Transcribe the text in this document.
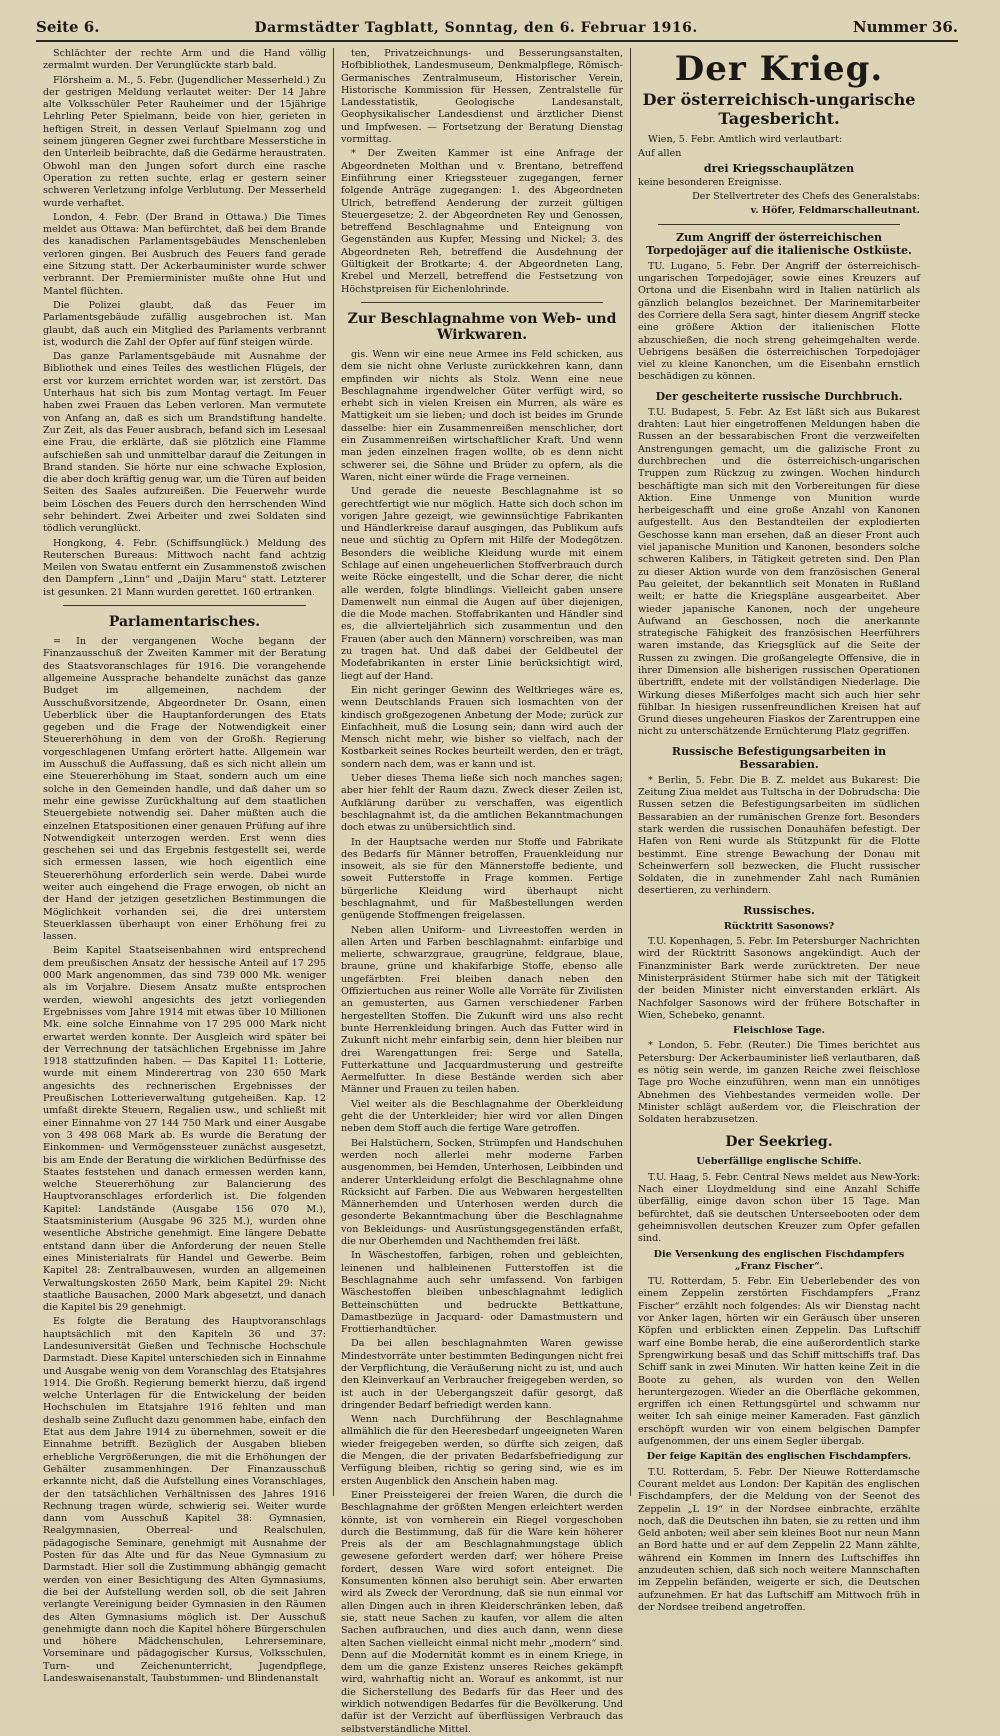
Seite 6.	Darmstädter Tagblatt, Sonntag, den 6. Februar 1916.	Nummer 36.

Schlächter der rechte Arm und die Hand völlig zermalmt wurden. Der Verunglückte starb bald.

Flörsheim a. M., 5. Febr. (Jugendlicher Messerheld.) Zu der gestrigen Meldung verlautet weiter: Der 14 Jahre alte Volksschüler Peter Rauheimer und der 15jährige Lehrling Peter Spielmann, beide von hier, gerieten in heftigen Streit, in dessen Verlauf Spielmann zog und seinem jüngeren Gegner zwei furchtbare Messerstiche in den Unterleib beibrachte, daß die Gedärme heraustraten. Obwohl man den Jungen sofort durch eine rasche Operation zu retten suchte, erlag er gestern seiner schweren Verletzung infolge Verblutung. Der Messerheld wurde verhaftet.

London, 4. Febr. (Der Brand in Ottawa.) Die Times meldet aus Ottawa: Man befürchtet, daß bei dem Brande des kanadischen Parlamentsgebäudes Menschenleben verloren gingen. Bei Ausbruch des Feuers fand gerade eine Sitzung statt. Der Ackerbauminister wurde schwer verbrannt. Der Premierminister mußte ohne Hut und Mantel flüchten.

Die Polizei glaubt, daß das Feuer im Parlamentsgebäude zufällig ausgebrochen ist. Man glaubt, daß auch ein Mitglied des Parlaments verbrannt ist, wodurch die Zahl der Opfer auf fünf steigen würde.

Das ganze Parlamentsgebäude mit Ausnahme der Bibliothek und eines Teiles des westlichen Flügels, der erst vor kurzem errichtet worden war, ist zerstört. Das Unterhaus hat sich bis zum Montag vertagt. Im Feuer haben zwei Frauen das Leben verloren. Man vermutete von Anfang an, daß es sich um Brandstiftung handelte. Zur Zeit, als das Feuer ausbrach, befand sich im Lesesaal eine Frau, die erklärte, daß sie plötzlich eine Flamme aufschießen sah und unmittelbar darauf die Zeitungen in Brand standen. Sie hörte nur eine schwache Explosion, die aber doch kräftig genug war, um die Türen auf beiden Seiten des Saales aufzureißen. Die Feuerwehr wurde beim Löschen des Feuers durch den herrschenden Wind sehr behindert. Zwei Arbeiter und zwei Soldaten sind tödlich verunglückt.

Hongkong, 4. Febr. (Schiffsunglück.) Meldung des Reuterschen Bureaus: Mittwoch nacht fand achtzig Meilen von Swatau entfernt ein Zusammenstoß zwischen den Dampfern „Linn“ und „Daijin Maru“ statt. Letzterer ist gesunken. 21 Mann wurden gerettet. 160 ertranken.

Parlamentarisches.

= In der vergangenen Woche begann der Finanzausschuß der Zweiten Kammer mit der Beratung des Staatsvoranschlages für 1916. Die vorangehende allgemeine Aussprache behandelte zunächst das ganze Budget im allgemeinen, nachdem der Ausschußvorsitzende, Abgeordneter Dr. Osann, einen Ueberblick über die Hauptanforderungen des Etats gegeben und die Frage der Notwendigkeit einer Steuererhöhung in dem von der Großh. Regierung vorgeschlagenen Umfang erörtert hatte. Allgemein war im Ausschuß die Auffassung, daß es sich nicht allein um eine Steuererhöhung im Staat, sondern auch um eine solche in den Gemeinden handle, und daß daher um so mehr eine gewisse Zurückhaltung auf dem staatlichen Steuergebiete notwendig sei. Daher müßten auch die einzelnen Etatspositionen einer genauen Prüfung auf ihre Notwendigkeit unterzogen werden. Erst wenn dies geschehen sei und das Ergebnis festgestellt sei, werde sich ermessen lassen, wie hoch eigentlich eine Steuererhöhung erforderlich sein werde. Dabei wurde weiter auch eingehend die Frage erwogen, ob nicht an der Hand der jetzigen gesetzlichen Bestimmungen die Möglichkeit vorhanden sei, die drei unterstem Steuerklassen überhaupt von einer Erhöhung frei zu lassen.

Beim Kapitel Staatseisenbahnen wird entsprechend dem preußischen Ansatz der hessische Anteil auf 17 295 000 Mark angenommen, das sind 739 000 Mk. weniger als im Vorjahre. Diesem Ansatz mußte entsprochen werden, wiewohl angesichts des jetzt vorliegenden Ergebnisses vom Jahre 1914 mit etwas über 10 Millionen Mk. eine solche Einnahme von 17 295 000 Mark nicht erwartet werden konnte. Der Ausgleich wird später bei der Verrechnung der tatsächlichen Ergebnisse im Jahre 1918 stattzufinden haben. — Das Kapitel 11: Lotterie, wurde mit einem Minderertrag von 230 650 Mark angesichts des rechnerischen Ergebnisses der Preußischen Lotterieverwaltung gutgeheißen. Kap. 12 umfaßt direkte Steuern, Regalien usw., und schließt mit einer Einnahme von 27 144 750 Mark und einer Ausgabe von 3 498 068 Mark ab. Es wurde die Beratung der Einkommen- und Vermögenssteuer zunächst ausgesetzt, bis am Ende der Beratung die wirklichen Bedürfnisse des Staates feststehen und danach ermessen werden kann, welche Steuererhöhung zur Balancierung des Hauptvoranschlages erforderlich ist. Die folgenden Kapitel: Landstände (Ausgabe 156 070 M.), Staatsministerium (Ausgabe 96 325 M.), wurden ohne wesentliche Abstriche genehmigt. Eine längere Debatte entstand dann über die Anforderung der neuen Stelle eines Ministerialrats für Handel und Gewerbe. Beim Kapitel 28: Zentralbauwesen, wurden an allgemeinen Verwaltungskosten 2650 Mark, beim Kapitel 29: Nicht staatliche Bausachen, 2000 Mark abgesetzt, und danach die Kapitel bis 29 genehmigt.

Es folgte die Beratung des Hauptvoranschlags hauptsächlich mit den Kapiteln 36 und 37: Landesuniversität Gießen und Technische Hochschule Darmstadt. Diese Kapitel unterschieden sich in Einnahme und Ausgabe wenig von dem Voranschlag des Etatsjahres 1914. Die Großh. Regierung bemerkt hierzu, daß irgend welche Unterlagen für die Entwickelung der beiden Hochschulen im Etatsjahre 1916 fehlten und man deshalb seine Zuflucht dazu genommen habe, einfach den Etat aus dem Jahre 1914 zu übernehmen, soweit er die Einnahme betrifft. Bezüglich der Ausgaben blieben erhebliche Vergrößerungen, die mit die Erhöhungen der Gehälter zusammenhingen. Der Finanzausschuß erkannte nicht, daß die Aufstellung eines Voranschlages, der den tatsächlichen Verhältnissen des Jahres 1916 Rechnung tragen würde, schwierig sei. Weiter wurde dann vom Ausschuß Kapitel 38: Gymnasien, Realgymnasien, Oberreal- und Realschulen, pädagogische Seminare, genehmigt mit Ausnahme der Posten für das Alte und für das Neue Gymnasium zu Darmstadt. Hier soll die Zustimmung abhängig gemacht werden von einer Besichtigung des Alten Gymnasiums, die bei der Aufstellung werden soll, ob die seit Jahren verlangte Vereinigung beider Gymnasien in den Räumen des Alten Gymnasiums möglich ist. Der Ausschuß genehmigte dann noch die Kapitel höhere Bürgerschulen und höhere Mädchenschulen, Lehrerseminare, Vorseminare und pädagogischer Kursus, Volksschulen, Turn- und Zeichenunterricht, Jugendpflege, Landeswaisenanstalt, Taubstummen- und Blindenanstalt

ten, Privatzeichnungs- und Besserungsanstalten, Hofbibliothek, Landesmuseum, Denkmalpflege, Römisch-Germanisches Zentralmuseum, Historischer Verein, Historische Kommission für Hessen, Zentralstelle für Landesstatistik, Geologische Landesanstalt, Geophysikalischer Landesdienst und ärztlicher Dienst und Impfwesen. — Fortsetzung der Beratung Dienstag vormittag.

* Der Zweiten Kammer ist eine Anfrage der Abgeordneten Molthan und v. Brentano, betreffend Einführung einer Kriegssteuer zugegangen, ferner folgende Anträge zugegangen: 1. des Abgeordneten Ulrich, betreffend Aenderung der zurzeit gültigen Steuergesetze; 2. der Abgeordneten Rey und Genossen, betreffend Beschlagnahme und Enteignung von Gegenständen aus Kupfer, Messing und Nickel; 3. des Abgeordneten Reh, betreffend die Ausdehnung der Gültigkeit der Brotkarte; 4. der Abgeordneten Lang, Krebel und Merzell, betreffend die Festsetzung von Höchstpreisen für Eichenlohrinde.

Zur Beschlagnahme von Web- und Wirkwaren.

gis. Wenn wir eine neue Armee ins Feld schicken, aus dem sie nicht ohne Verluste zurückkehren kann, dann empfinden wir nichts als Stolz. Wenn eine neue Beschlagnahme irgendwelcher Güter verfügt wird, so erhebt sich in vielen Kreisen ein Murren, als wäre es Mattigkeit um sie lieben; und doch ist beides im Grunde dasselbe: hier ein Zusammenreißen menschlicher, dort ein Zusammenreißen wirtschaftlicher Kraft. Und wenn man jeden einzelnen fragen wollte, ob es denn nicht schwerer sei, die Söhne und Brüder zu opfern, als die Waren, nicht einer würde die Frage verneinen.

Und gerade die neueste Beschlagnahme ist so gerechtfertigt wie nur möglich. Hatte sich doch schon im vorigen Jahre gezeigt, wie gewinnsüchtige Fabrikanten und Händlerkreise darauf ausgingen, das Publikum aufs neue und süchtig zu Opfern mit Hilfe der Modegötzen. Besonders die weibliche Kleidung wurde mit einem Schlage auf einen ungeheuerlichen Stoffverbrauch durch weite Röcke eingestellt, und die Schar derer, die nicht alle werden, folgte blindlings. Vielleicht gaben unsere Damenwelt nun einmal die Augen auf über diejenigen, die die Mode machen. Stoffabrikanten und Händler sind es, die allvierteljährlich sich zusammentun und den Frauen (aber auch den Männern) vorschreiben, was man zu tragen hat. Und daß dabei der Geldbeutel der Modefabrikanten in erster Linie berücksichtigt wird, liegt auf der Hand.

Ein nicht geringer Gewinn des Weltkrieges wäre es, wenn Deutschlands Frauen sich losmachten von der kindisch großgezogenen Anbetung der Mode; zurück zur Einfachheit, muß die Losung sein; dann wird auch der Mensch nicht mehr, wie bisher so vielfach, nach der Kostbarkeit seines Rockes beurteilt werden, den er trägt, sondern nach dem, was er kann und ist.

Ueber dieses Thema ließe sich noch manches sagen; aber hier fehlt der Raum dazu. Zweck dieser Zeilen ist, Aufklärung darüber zu verschaffen, was eigentlich beschlagnahmt ist, da die amtlichen Bekanntmachungen doch etwas zu unübersichtlich sind.

In der Hauptsache werden nur Stoffe und Fabrikate des Bedarfs für Männer betroffen, Frauenkleidung nur insoweit, als sie für den Männerstoffe bediente, und soweit Futterstoffe in Frage kommen. Fertige bürgerliche Kleidung wird überhaupt nicht beschlagnahmt, und für Maßbestellungen werden genügende Stoffmengen freigelassen.

Neben allen Uniform- und Livreestoffen werden in allen Arten und Farben beschlagnahmt: einfarbige und melierte, schwarzgraue, graugrüne, feldgraue, blaue, braune, grüne und khakifarbige Stoffe, ebenso alle ungefärbten. Frei bleiben danach neben den Offiziertuchen aus reiner Wolle alle Vorräte für Zivilisten an gemusterten, aus Garnen verschiedener Farben hergestellten Stoffen. Die Zukunft wird uns also recht bunte Herrenkleidung bringen. Auch das Futter wird in Zukunft nicht mehr einfarbig sein, denn hier bleiben nur drei Warengattungen frei: Serge und Satella, Futterkattune und Jacquardmusterung und gestreifte Aermelfutter. In diese Bestände werden sich aber Männer und Frauen zu teilen haben.

Viel weiter als die Beschlagnahme der Oberkleidung geht die der Unterkleider; hier wird vor allen Dingen neben dem Stoff auch die fertige Ware getroffen.

Bei Halstüchern, Socken, Strümpfen und Handschuhen werden noch allerlei mehr moderne Farben ausgenommen, bei Hemden, Unterhosen, Leibbinden und anderer Unterkleidung erfolgt die Beschlagnahme ohne Rücksicht auf Farben. Die aus Webwaren hergestellten Männerhemden und Unterhosen werden durch die gesonderte Bekanntmachung über die Beschlagnahme von Bekleidungs- und Ausrüstungsgegenständen erfaßt, die nur Oberhemden und Nachthemden frei läßt.

In Wäschestoffen, farbigen, rohen und gebleichten, leinenen und halbleinenen Futterstoffen ist die Beschlagnahme auch sehr umfassend. Von farbigen Wäschestoffen bleiben unbeschlagnahmt lediglich Betteinschütten und bedruckte Bettkattune, Damastbezüge in Jacquard- oder Damastmustern und Frottierhandtücher.

Da bei allen beschlagnahmten Waren gewisse Mindestvorräte unter bestimmten Bedingungen nicht frei der Verpflichtung, die Veräußerung nicht zu ist, und auch den Kleinverkauf an Verbraucher freigegeben werden, so ist auch in der Uebergangszeit dafür gesorgt, daß dringender Bedarf befriedigt werden kann.

Wenn nach Durchführung der Beschlagnahme allmählich die für den Heeresbedarf ungeeigneten Waren wieder freigegeben werden, so dürfte sich zeigen, daß die Mengen, die der privaten Bedarfsbefriedigung zur Verfügung bleiben, richtig so gering sind, wie es im ersten Augenblick den Anschein haben mag.

Einer Preissteigerei der freien Waren, die durch die Beschlagnahme der größten Mengen erleichtert werden könnte, ist von vornherein ein Riegel vorgeschoben durch die Bestimmung, daß für die Ware kein höherer Preis als der am Beschlagnahmungstage üblich gewesene gefordert werden darf; wer höhere Preise fordert, dessen Ware wird sofort enteignet. Die Konsumenten können also beruhigt sein. Aber erwarten wird als Zweck der Verordnung, daß sie nun einmal vor allen Dingen auch in ihren Kleiderschränken leben, daß sie, statt neue Sachen zu kaufen, vor allem die alten Sachen aufbrauchen, und dies auch dann, wenn diese alten Sachen vielleicht einmal nicht mehr „modern“ sind. Denn auf die Modernität kommt es in einem Kriege, in dem um die ganze Existenz unseres Reiches gekämpft wird, wahrhaftig nicht an. Worauf es ankommt, ist nur die Sicherstellung des Bedarfs für das Heer und des wirklich notwendigen Bedarfes für die Bevölkerung. Und dafür ist der Verzicht auf überflüssigen Verbrauch das selbstverständliche Mittel.

Der Krieg.
Der österreichisch-ungarische Tagesbericht.

Wien, 5. Febr. Amtlich wird verlautbart:

Auf allen

drei Kriegsschauplätzen

keine besonderen Ereignisse.

Der Stellvertreter des Chefs des Generalstabs:

v. Höfer, Feldmarschalleutnant.

Zum Angriff der österreichischen Torpedojäger auf die italienische Ostküste.

TU. Lugano, 5. Febr. Der Angriff der österreichisch-ungarischen Torpedojäger, sowie eines Kreuzers auf Ortona und die Eisenbahn wird in Italien natürlich als gänzlich belanglos bezeichnet. Der Marinemitarbeiter des Corriere della Sera sagt, hinter diesem Angriff stecke eine größere Aktion der italienischen Flotte abzuschießen, die noch streng geheimgehalten werde. Uebrigens besäßen die österreichischen Torpedojäger viel zu kleine Kanonchen, um die Eisenbahn ernstlich beschädigen zu können.

Der gescheiterte russische Durchbruch.

T.U. Budapest, 5. Febr. Az Est läßt sich aus Bukarest drahten: Laut hier eingetroffenen Meldungen haben die Russen an der bessarabischen Front die verzweifelten Anstrengungen gemacht, um die galizische Front zu durchbrechen und die österreichisch-ungarischen Truppen zum Rückzug zu zwingen. Wochen hindurch beschäftigte man sich mit den Vorbereitungen für diese Aktion. Eine Unmenge von Munition wurde herbeigeschafft und eine große Anzahl von Kanonen aufgestellt. Aus den Bestandteilen der explodierten Geschosse kann man ersehen, daß an dieser Front auch viel japanische Munition und Kanonen, besonders solche schweren Kalibers, in Tätigkeit getreten sind. Den Plan zu dieser Aktion wurde von dem französischen General Pau geleitet, der bekanntlich seit Monaten in Rußland weilt; er hatte die Kriegspläne ausgearbeitet. Aber wieder japanische Kanonen, noch der ungeheure Aufwand an Geschossen, noch die anerkannte strategische Fähigkeit des französischen Heerführers waren imstande, das Kriegsglück auf die Seite der Russen zu zwingen. Die großangelegte Offensive, die in ihrer Dimension alle bisherigen russischen Operationen übertrifft, endete mit der vollständigen Niederlage. Die Wirkung dieses Mißerfolges macht sich auch hier sehr fühlbar. In hiesigen russenfreundlichen Kreisen hat auf Grund dieses ungeheuren Fiaskos der Zarentruppen eine nicht zu unterschätzende Ernüchterung Platz gegriffen.

Russische Befestigungsarbeiten in Bessarabien.

* Berlin, 5. Febr. Die B. Z. meldet aus Bukarest: Die Zeitung Ziua meldet aus Tultscha in der Dobrudscha: Die Russen setzen die Befestigungsarbeiten im südlichen Bessarabien an der rumänischen Grenze fort. Besonders stark werden die russischen Donauhäfen befestigt. Der Hafen von Reni wurde als Stützpunkt für die Flotte bestimmt. Eine strenge Bewachung der Donau mit Scheinwerfern soll bezwecken, die Flucht russischer Soldaten, die in zunehmender Zahl nach Rumänien desertieren, zu verhindern.

Russisches.
Rücktritt Sasonows?

T.U. Kopenhagen, 5. Febr. Im Petersburger Nachrichten wird der Rücktritt Sasonows angekündigt. Auch der Finanzminister Bark werde zurücktreten. Der neue Ministerpräsident Stürmer habe sich mit der Tätigkeit der beiden Minister nicht einverstanden erklärt. Als Nachfolger Sasonows wird der frühere Botschafter in Wien, Schebeko, genannt.

Fleischlose Tage.

* London, 5. Febr. (Reuter.) Die Times berichtet aus Petersburg: Der Ackerbauminister ließ verlautbaren, daß es nötig sein werde, im ganzen Reiche zwei fleischlose Tage pro Woche einzuführen, wenn man ein unnötiges Abnehmen des Viehbestandes vermeiden wolle. Der Minister schlägt außerdem vor, die Fleischration der Soldaten herabzusetzen.

Der Seekrieg.
Ueberfällige englische Schiffe.

T.U. Haag, 5. Febr. Central News meldet aus New-York: Nach einer Lloydmeldung sind eine Anzahl Schiffe überfällig, einige davon schon über 15 Tage. Man befürchtet, daß sie deutschen Unterseebooten oder dem geheimnisvollen deutschen Kreuzer zum Opfer gefallen sind.

Die Versenkung des englischen Fischdampfers „Franz Fischer“.

TU. Rotterdam, 5. Febr. Ein Ueberlebender des von einem Zeppelin zerstörten Fischdampfers „Franz Fischer“ erzählt noch folgendes: Als wir Dienstag nacht vor Anker lagen, hörten wir ein Geräusch über unseren Köpfen und erblickten einen Zeppelin. Das Luftschiff warf eine Bombe herab, die eine außerordentlich starke Sprengwirkung besaß und das Schiff mittschiffs traf. Das Schiff sank in zwei Minuten. Wir hatten keine Zeit in die Boote zu gehen, als wurden von den Wellen heruntergezogen. Wieder an die Oberfläche gekommen, ergriffen ich einen Rettungsgürtel und schwamm nur weiter. Ich sah einige meiner Kameraden. Fast gänzlich erschöpft wurden wir von einem belgischen Dampfer aufgenommen, der uns einem Segler übergab.

Der feige Kapitän des englischen Fischdampfers.

T.U. Rotterdam, 5. Febr. Der Nieuwe Rotterdamsche Courant meldet aus London: Der Kapitän des englischen Fischdampfers, der die Meldung von der Seenot des Zeppelin „L 19“ in der Nordsee einbrachte, erzählte noch, daß die Deutschen ihn baten, sie zu retten und ihm Geld anboten; weil aber sein kleines Boot nur neun Mann an Bord hatte und er auf dem Zeppelin 22 Mann zählte, während ein Kommen im Innern des Luftschiffes ihn anzudeuten schien, daß sich noch weitere Mannschaften im Zeppelin befänden, weigerte er sich, die Deutschen aufzunehmen. Er hat das Luftschiff am Mittwoch früh in der Nordsee treibend angetroffen.
